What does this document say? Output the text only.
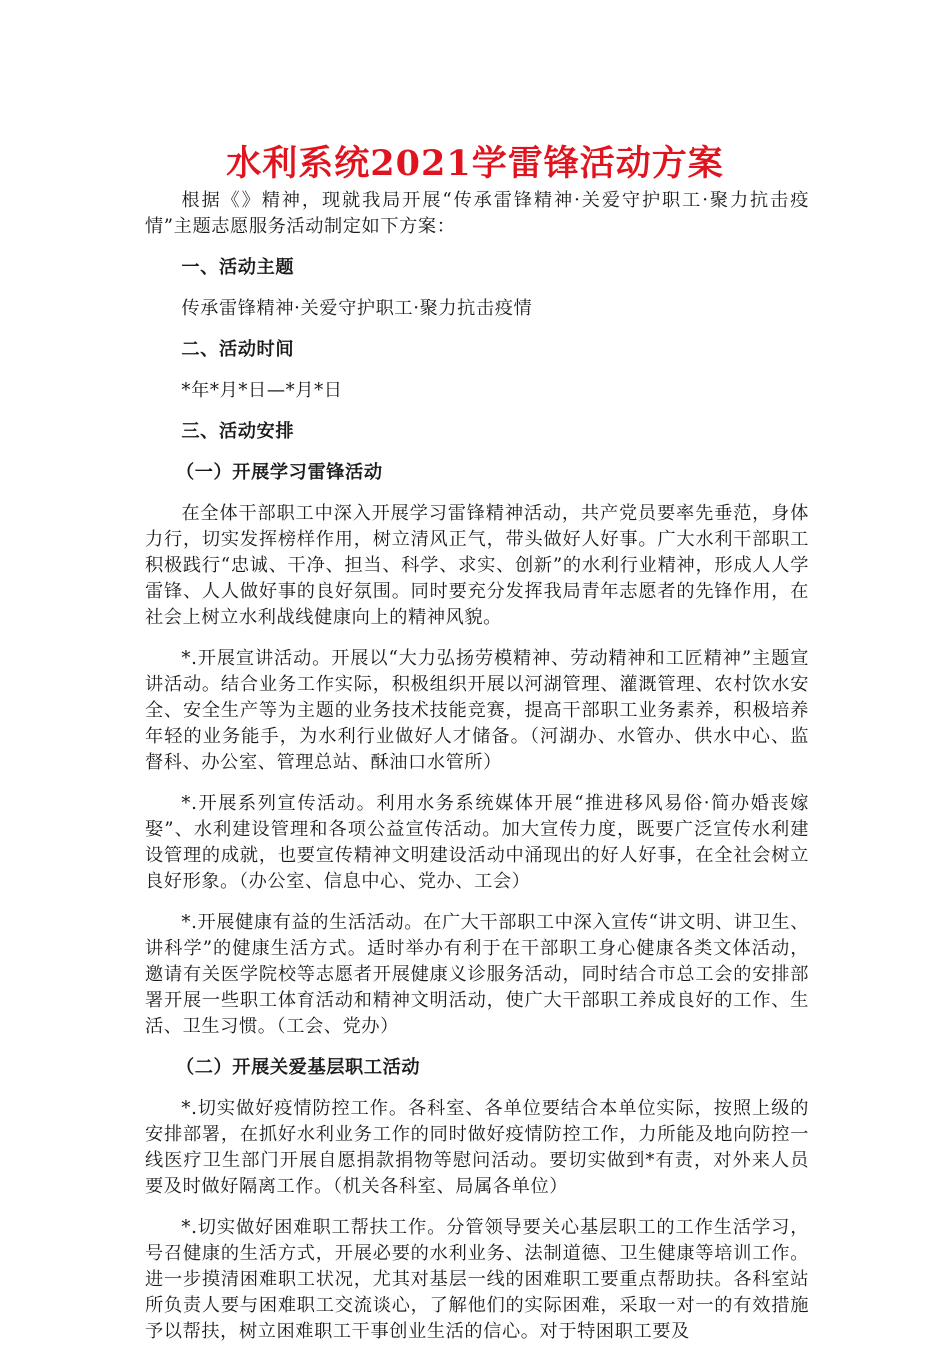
水利系统2021学雷锋活动方案

根据《》精神，现就我局开展“传承雷锋精神·关爱守护职工·聚力抗击疫情”主题志愿服务活动制定如下方案：

一、活动主题

传承雷锋精神·关爱守护职工·聚力抗击疫情

二、活动时间

*年*月*日—*月*日

三、活动安排

（一）开展学习雷锋活动

在全体干部职工中深入开展学习雷锋精神活动，共产党员要率先垂范，身体力行，切实发挥榜样作用，树立清风正气，带头做好人好事。广大水利干部职工积极践行“忠诚、干净、担当、科学、求实、创新”的水利行业精神，形成人人学雷锋、人人做好事的良好氛围。同时要充分发挥我局青年志愿者的先锋作用，在社会上树立水利战线健康向上的精神风貌。

*.开展宣讲活动。开展以“大力弘扬劳模精神、劳动精神和工匠精神”主题宣讲活动。结合业务工作实际，积极组织开展以河湖管理、灌溉管理、农村饮水安全、安全生产等为主题的业务技术技能竞赛，提高干部职工业务素养，积极培养年轻的业务能手，为水利行业做好人才储备。（河湖办、水管办、供水中心、监督科、办公室、管理总站、酥油口水管所）

*.开展系列宣传活动。利用水务系统媒体开展“推进移风易俗·简办婚丧嫁娶”、水利建设管理和各项公益宣传活动。加大宣传力度，既要广泛宣传水利建设管理的成就，也要宣传精神文明建设活动中涌现出的好人好事，在全社会树立良好形象。（办公室、信息中心、党办、工会）

*.开展健康有益的生活活动。在广大干部职工中深入宣传“讲文明、讲卫生、讲科学”的健康生活方式。适时举办有利于在干部职工身心健康各类文体活动，邀请有关医学院校等志愿者开展健康义诊服务活动，同时结合市总工会的安排部署开展一些职工体育活动和精神文明活动，使广大干部职工养成良好的工作、生活、卫生习惯。（工会、党办）

（二）开展关爱基层职工活动

*.切实做好疫情防控工作。各科室、各单位要结合本单位实际，按照上级的安排部署，在抓好水利业务工作的同时做好疫情防控工作，力所能及地向防控一线医疗卫生部门开展自愿捐款捐物等慰问活动。要切实做到*有责，对外来人员要及时做好隔离工作。（机关各科室、局属各单位）

*.切实做好困难职工帮扶工作。分管领导要关心基层职工的工作生活学习，号召健康的生活方式，开展必要的水利业务、法制道德、卫生健康等培训工作。进一步摸清困难职工状况，尤其对基层一线的困难职工要重点帮助扶。各科室站所负责人要与困难职工交流谈心，了解他们的实际困难，采取一对一的有效措施予以帮扶，树立困难职工干事创业生活的信心。对于特困职工要及
